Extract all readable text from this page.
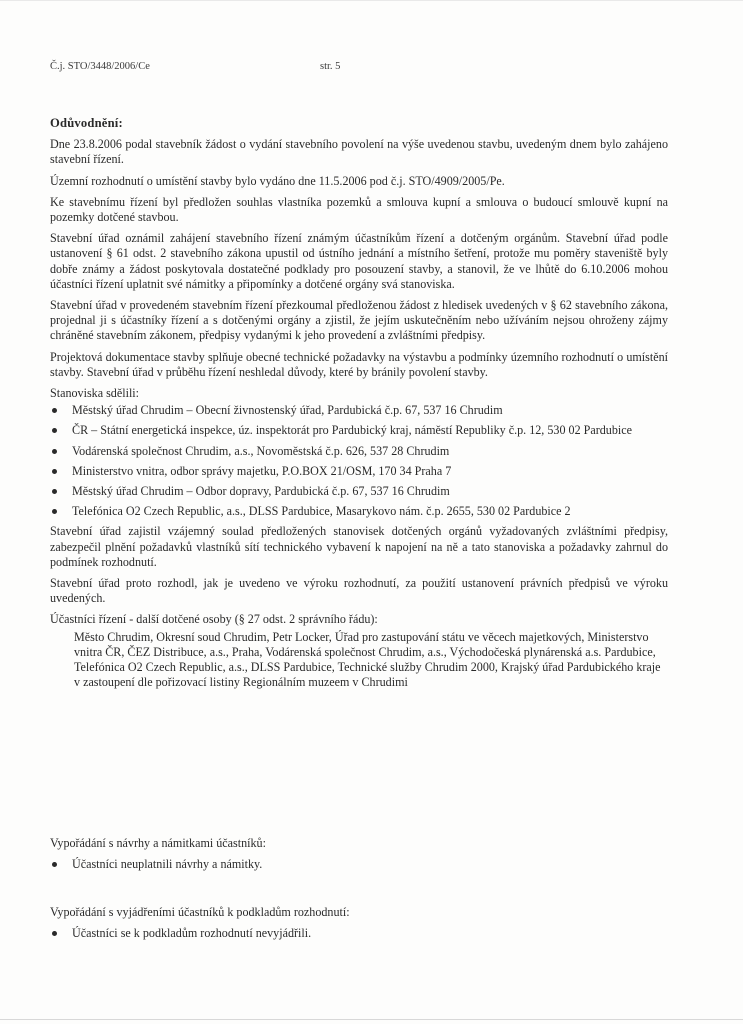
Č.j. STO/3448/2006/Ce	str. 5
Odůvodnění:

Dne 23.8.2006 podal stavebník žádost o vydání stavebního povolení na výše uvedenou stavbu, uvedeným dnem bylo zahájeno stavební řízení.

Územní rozhodnutí o umístění stavby bylo vydáno dne 11.5.2006 pod č.j. STO/4909/2005/Pe.

Ke stavebnímu řízení byl předložen souhlas vlastníka pozemků a smlouva kupní a smlouva o budoucí smlouvě kupní na pozemky dotčené stavbou.

Stavební úřad oznámil zahájení stavebního řízení známým účastníkům řízení a dotčeným orgánům. Stavební úřad podle ustanovení § 61 odst. 2 stavebního zákona upustil od ústního jednání a místního šetření, protože mu poměry staveniště byly dobře známy a žádost poskytovala dostatečné podklady pro posouzení stavby, a stanovil, že ve lhůtě do 6.10.2006 mohou účastníci řízení uplatnit své námitky a připomínky a dotčené orgány svá stanoviska.

Stavební úřad v provedeném stavebním řízení přezkoumal předloženou žádost z hledisek uvedených v § 62 stavebního zákona, projednal ji s účastníky řízení a s dotčenými orgány a zjistil, že jejím uskutečněním nebo užíváním nejsou ohroženy zájmy chráněné stavebním zákonem, předpisy vydanými k jeho provedení a zvláštními předpisy.

Projektová dokumentace stavby splňuje obecné technické požadavky na výstavbu a podmínky územního rozhodnutí o umístění stavby. Stavební úřad v průběhu řízení neshledal důvody, které by bránily povolení stavby.

Stanoviska sdělili:
Městský úřad Chrudim – Obecní živnostenský úřad, Pardubická č.p. 67, 537 16 Chrudim
ČR – Státní energetická inspekce, úz. inspektorát pro Pardubický kraj, náměstí Republiky č.p. 12, 530 02 Pardubice
Vodárenská společnost Chrudim, a.s., Novoměstská č.p. 626, 537 28 Chrudim
Ministerstvo vnitra, odbor správy majetku, P.O.BOX 21/OSM, 170 34 Praha 7
Městský úřad Chrudim – Odbor dopravy, Pardubická č.p. 67, 537 16 Chrudim
Telefónica O2 Czech Republic, a.s., DLSS Pardubice, Masarykovo nám. č.p. 2655, 530 02 Pardubice 2

Stavební úřad zajistil vzájemný soulad předložených stanovisek dotčených orgánů vyžadovaných zvláštními předpisy, zabezpečil plnění požadavků vlastníků sítí technického vybavení k napojení na ně a tato stanoviska a požadavky zahrnul do podmínek rozhodnutí.

Stavební úřad proto rozhodl, jak je uvedeno ve výroku rozhodnutí, za použití ustanovení právních předpisů ve výroku uvedených.

Účastníci řízení - další dotčené osoby (§ 27 odst. 2 správního řádu):

Město Chrudim, Okresní soud Chrudim, Petr Locker, Úřad pro zastupování státu ve věcech majetkových, Ministerstvo vnitra ČR, ČEZ Distribuce, a.s., Praha, Vodárenská společnost Chrudim, a.s., Východočeská plynárenská a.s. Pardubice, Telefónica O2 Czech Republic, a.s., DLSS Pardubice, Technické služby Chrudim 2000, Krajský úřad Pardubického kraje v zastoupení dle pořizovací listiny Regionálním muzeem v Chrudimi

Vypořádání s návrhy a námitkami účastníků:
Účastníci neuplatnili návrhy a námitky.
Vypořádání s vyjádřeními účastníků k podkladům rozhodnutí:
Účastníci se k podkladům rozhodnutí nevyjádřili.
